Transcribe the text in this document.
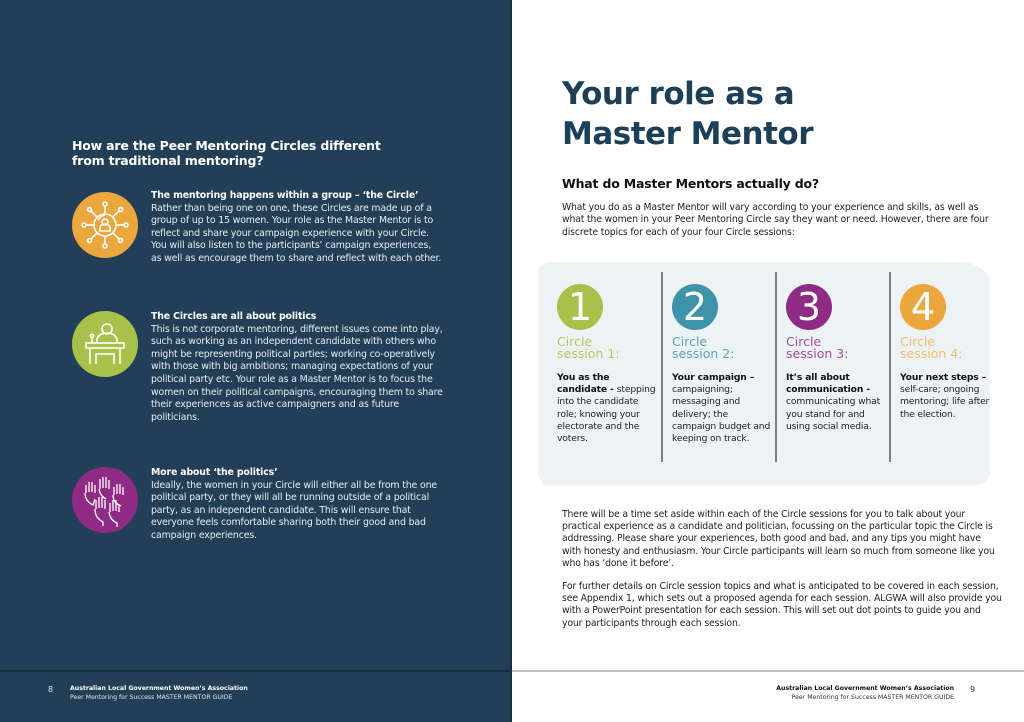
How are the Peer Mentoring Circles different from traditional mentoring?
The mentoring happens within a group – ‘the Circle’
Rather than being one on one, these Circles are made up of a group of up to 15 women. Your role as the Master Mentor is to reflect and share your campaign experience with your Circle. You will also listen to the participants’ campaign experiences, as well as encourage them to share and reflect with each other.
The Circles are all about politics
This is not corporate mentoring, different issues come into play, such as working as an independent candidate with others who might be representing political parties; working co-operatively with those with big ambitions; managing expectations of your political party etc. Your role as a Master Mentor is to focus the women on their political campaigns, encouraging them to share their experiences as active campaigners and as future politicians.
More about ‘the politics’
Ideally, the women in your Circle will either all be from the one political party, or they will all be running outside of a political party, as an independent candidate. This will ensure that everyone feels comfortable sharing both their good and bad campaign experiences.
8	Australian Local Government Women’s Association
Peer Mentoring for Success MASTER MENTOR GUIDE
Your role as a
Master Mentor
What do Master Mentors actually do?
What you do as a Master Mentor will vary according to your experience and skills, as well as what the women in your Peer Mentoring Circle say they want or need. However, there are four discrete topics for each of your four Circle sessions:
1
Circle
session 1:
You as the candidate - stepping into the candidate role; knowing your electorate and the voters.
2
Circle
session 2:
Your campaign – campaigning; messaging and delivery; the campaign budget and keeping on track.
3
Circle
session 3:
It’s all about communication - communicating what you stand for and using social media.
4
Circle
session 4:
Your next steps – self-care; ongoing mentoring; life after the election.
There will be a time set aside within each of the Circle sessions for you to talk about your practical experience as a candidate and politician, focussing on the particular topic the Circle is addressing. Please share your experiences, both good and bad, and any tips you might have with honesty and enthusiasm. Your Circle participants will learn so much from someone like you who has ‘done it before’.
For further details on Circle session topics and what is anticipated to be covered in each session, see Appendix 1, which sets out a proposed agenda for each session. ALGWA will also provide you with a PowerPoint presentation for each session. This will set out dot points to guide you and your participants through each session.
Australian Local Government Women’s Association
Peer Mentoring for Success MASTER MENTOR GUIDE
9
